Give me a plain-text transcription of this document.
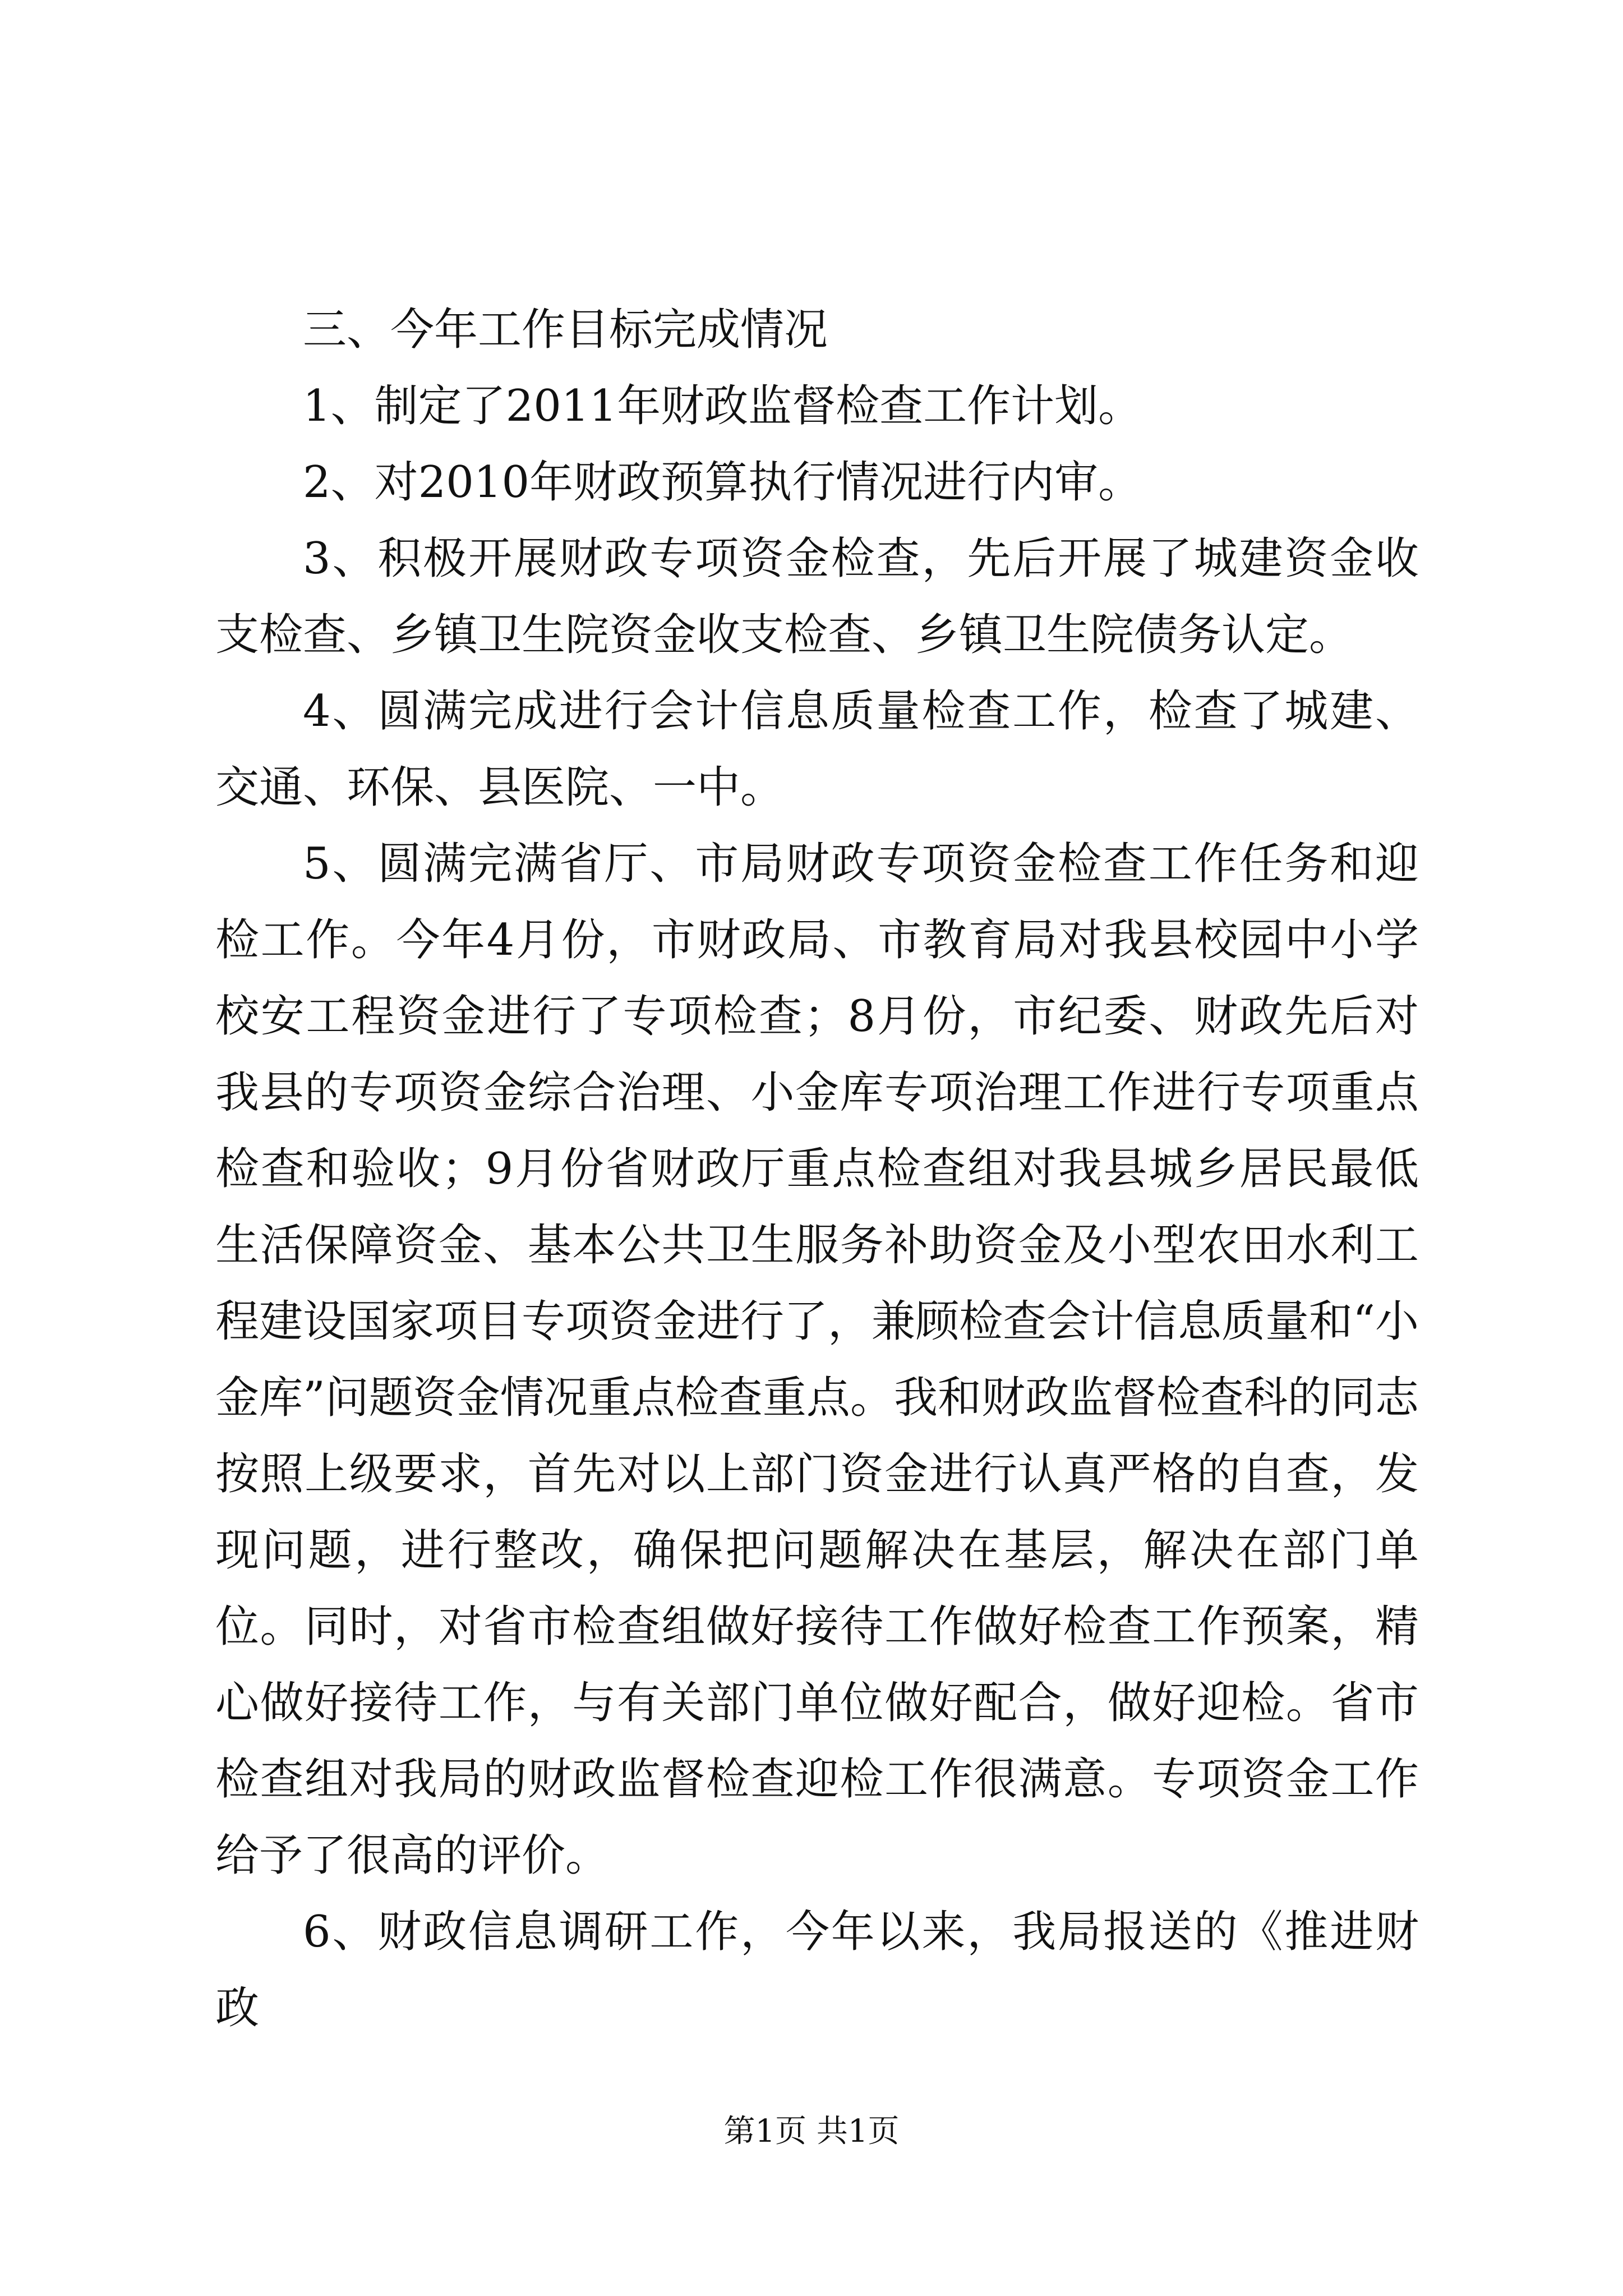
三、今年工作目标完成情况

1、制定了2011年财政监督检查工作计划。

2、对2010年财政预算执行情况进行内审。

3、积极开展财政专项资金检查，先后开展了城建资金收支检查、乡镇卫生院资金收支检查、乡镇卫生院债务认定。

4、圆满完成进行会计信息质量检查工作，检查了城建、交通、环保、县医院、一中。

5、圆满完满省厅、市局财政专项资金检查工作任务和迎检工作。今年4月份，市财政局、市教育局对我县校园中小学校安工程资金进行了专项检查；8月份，市纪委、财政先后对我县的专项资金综合治理、小金库专项治理工作进行专项重点检查和验收；9月份省财政厅重点检查组对我县城乡居民最低生活保障资金、基本公共卫生服务补助资金及小型农田水利工程建设国家项目专项资金进行了，兼顾检查会计信息质量和“小金库”问题资金情况重点检查重点。我和财政监督检查科的同志按照上级要求，首先对以上部门资金进行认真严格的自查，发现问题，进行整改，确保把问题解决在基层，解决在部门单位。同时，对省市检查组做好接待工作做好检查工作预案，精心做好接待工作，与有关部门单位做好配合，做好迎检。省市检查组对我局的财政监督检查迎检工作很满意。专项资金工作给予了很高的评价。

6、财政信息调研工作，今年以来，我局报送的《推进财政

第1页 共1页
